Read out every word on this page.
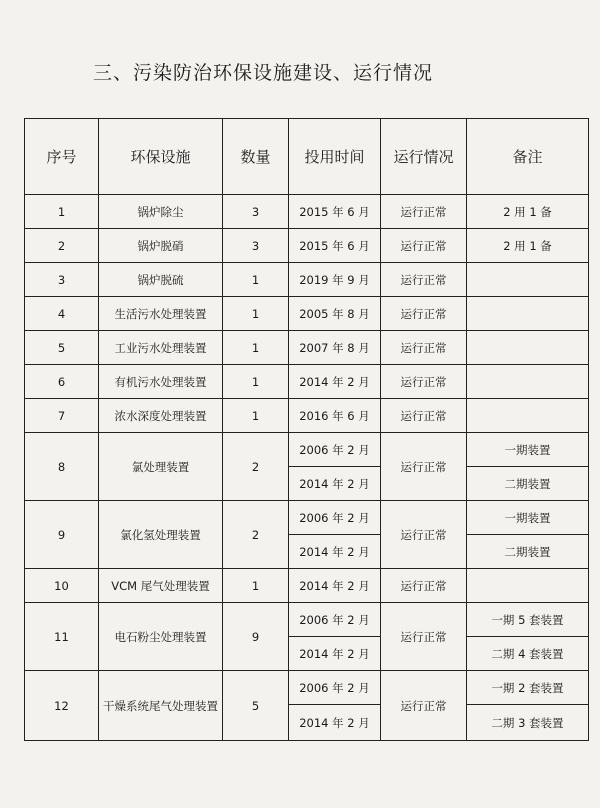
三、污染防治环保设施建设、运行情况
序号	环保设施	数量	投用时间	运行情况	备注
1	锅炉除尘	3	2015 年 6 月	运行正常	2 用 1 备
2	锅炉脱硝	3	2015 年 6 月	运行正常	2 用 1 备
3	锅炉脱硫	1	2019 年 9 月	运行正常	
4	生活污水处理装置	1	2005 年 8 月	运行正常	
5	工业污水处理装置	1	2007 年 8 月	运行正常	
6	有机污水处理装置	1	2014 年 2 月	运行正常	
7	浓水深度处理装置	1	2016 年 6 月	运行正常	
8	氯处理装置	2	2006 年 2 月	运行正常	一期装置
			2014 年 2 月		二期装置
9	氯化氢处理装置	2	2006 年 2 月	运行正常	一期装置
			2014 年 2 月		二期装置
10	VCM 尾气处理装置	1	2014 年 2 月	运行正常	
11	电石粉尘处理装置	9	2006 年 2 月	运行正常	一期 5 套装置
			2014 年 2 月		二期 4 套装置
12	干燥系统尾气处理装置	5	2006 年 2 月	运行正常	一期 2 套装置
			2014 年 2 月		二期 3 套装置
